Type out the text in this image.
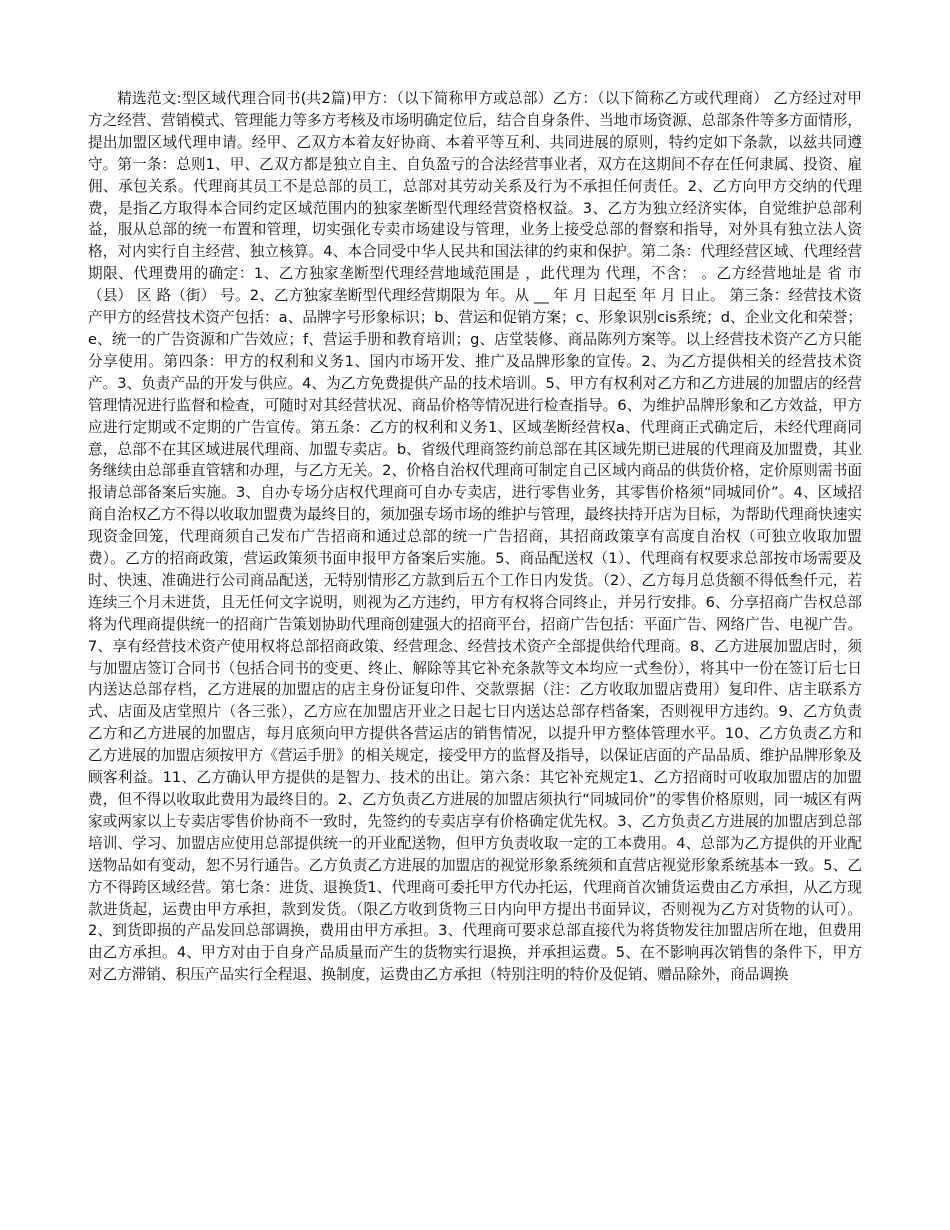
精选范文:型区域代理合同书(共2篇)甲方：（以下简称甲方或总部）乙方：（以下简称乙方或代理商） 乙方经过对甲方之经营、营销模式、管理能力等多方考核及市场明确定位后，结合自身条件、当地市场资源、总部条件等多方面情形，提出加盟区域代理申请。经甲、乙双方本着友好协商、本着平等互利、共同进展的原则，特约定如下条款，以兹共同遵守。第一条：总则1、甲、乙双方都是独立自主、自负盈亏的合法经营事业者，双方在这期间不存在任何隶属、投资、雇佣、承包关系。代理商其员工不是总部的员工，总部对其劳动关系及行为不承担任何责任。2、乙方向甲方交纳的代理费，是指乙方取得本合同约定区域范围内的独家垄断型代理经营资格权益。3、乙方为独立经济实体，自觉维护总部利益，服从总部的统一布置和管理，切实强化专卖市场建设与管理，业务上接受总部的督察和指导，对外具有独立法人资格，对内实行自主经营、独立核算。4、本合同受中华人民共和国法律的约束和保护。第二条：代理经营区域、代理经营期限、代理费用的确定：1、乙方独家垄断型代理经营地域范围是 ，此代理为 代理，不含： 。乙方经营地址是 省 市（县） 区 路（街） 号。2、乙方独家垄断型代理经营期限为 年。从 __ 年 月 日起至 年 月 日止。 第三条：经营技术资产甲方的经营技术资产包括：a、品牌字号形象标识；b、营运和促销方案；c、形象识别cis系统；d、企业文化和荣誉；e、统一的广告资源和广告效应；f、营运手册和教育培训；g、店堂装修、商品陈列方案等。以上经营技术资产乙方只能分享使用。第四条：甲方的权利和义务1、国内市场开发、推广及品牌形象的宣传。2、为乙方提供相关的经营技术资产。3、负责产品的开发与供应。4、为乙方免费提供产品的技术培训。5、甲方有权利对乙方和乙方进展的加盟店的经营管理情况进行监督和检查，可随时对其经营状况、商品价格等情况进行检查指导。6、为维护品牌形象和乙方效益，甲方应进行定期或不定期的广告宣传。第五条：乙方的权利和义务1、区域垄断经营权a、代理商正式确定后，未经代理商同意，总部不在其区域进展代理商、加盟专卖店。b、省级代理商签约前总部在其区域先期已进展的代理商及加盟费，其业务继续由总部垂直管辖和办理，与乙方无关。2、价格自治权代理商可制定自己区域内商品的供货价格，定价原则需书面报请总部备案后实施。3、自办专场分店权代理商可自办专卖店，进行零售业务，其零售价格须“同城同价”。4、区域招商自治权乙方不得以收取加盟费为最终目的，须加强专场市场的维护与管理，最终扶持开店为目标，为帮助代理商快速实现资金回笼，代理商须自己发布广告招商和通过总部的统一广告招商，其招商政策享有高度自治权（可独立收取加盟费）。乙方的招商政策，营运政策须书面申报甲方备案后实施。5、商品配送权（1）、代理商有权要求总部按市场需要及时、快速、准确进行公司商品配送，无特别情形乙方款到后五个工作日内发货。（2）、乙方每月总货额不得低叁仟元，若连续三个月未进货，且无任何文字说明，则视为乙方违约，甲方有权将合同终止，并另行安排。6、分享招商广告权总部将为代理商提供统一的招商广告策划协助代理商创建强大的招商平台，招商广告包括：平面广告、网络广告、电视广告。7、享有经营技术资产使用权将总部招商政策、经营理念、经营技术资产全部提供给代理商。8、乙方进展加盟店时，须与加盟店签订合同书（包括合同书的变更、终止、解除等其它补充条款等文本均应一式叁份），将其中一份在签订后七日内送达总部存档，乙方进展的加盟店的店主身份证复印件、交款票据（注：乙方收取加盟店费用）复印件、店主联系方式、店面及店堂照片（各三张），乙方应在加盟店开业之日起七日内送达总部存档备案，否则视甲方违约。9、乙方负责乙方和乙方进展的加盟店，每月底须向甲方提供各营运店的销售情况，以提升甲方整体管理水平。10、乙方负责乙方和乙方进展的加盟店须按甲方《营运手册》的相关规定，接受甲方的监督及指导，以保证店面的产品品质、维护品牌形象及顾客利益。11、乙方确认甲方提供的是智力、技术的出让。第六条：其它补充规定1、乙方招商时可收取加盟店的加盟费，但不得以收取此费用为最终目的。2、乙方负责乙方进展的加盟店须执行“同城同价”的零售价格原则，同一城区有两家或两家以上专卖店零售价协商不一致时，先签约的专卖店享有价格确定优先权。3、乙方负责乙方进展的加盟店到总部培训、学习、加盟店应使用总部提供统一的开业配送物，但甲方负责收取一定的工本费用。4、总部为乙方提供的开业配送物品如有变动，恕不另行通告。乙方负责乙方进展的加盟店的视觉形象系统须和直营店视觉形象系统基本一致。5、乙方不得跨区域经营。第七条：进货、退换货1、代理商可委托甲方代办托运，代理商首次铺货运费由乙方承担，从乙方现款进货起，运费由甲方承担，款到发货。（限乙方收到货物三日内向甲方提出书面异议，否则视为乙方对货物的认可）。2、到货即损的产品发回总部调换，费用由甲方承担。3、代理商可要求总部直接代为将货物发往加盟店所在地，但费用由乙方承担。4、甲方对由于自身产品质量而产生的货物实行退换，并承担运费。5、在不影响再次销售的条件下，甲方对乙方滞销、积压产品实行全程退、换制度，运费由乙方承担（特别注明的特价及促销、赠品除外，商品调换
